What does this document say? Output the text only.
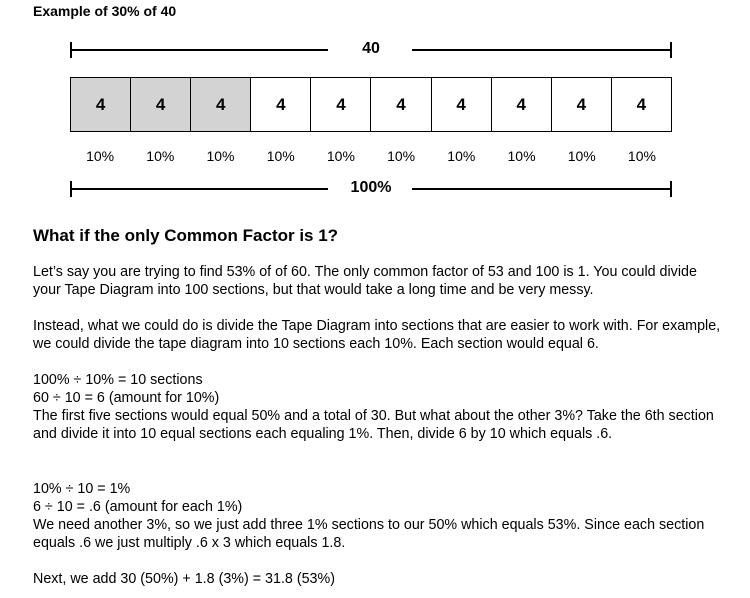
Example of 30% of 40
40
4	4	4	4	4	4	4	4	4	4
10%	10%	10%	10%	10%	10%	10%	10%	10%	10%
100%
What if the only Common Factor is 1?

Let’s say you are trying to find 53% of of 60. The only common factor of 53 and 100 is 1. You could divide your Tape Diagram into 100 sections, but that would take a long time and be very messy.

Instead, what we could do is divide the Tape Diagram into sections that are easier to work with. For example, we could divide the tape diagram into 10 sections each 10%. Each section would equal 6.

100% ÷ 10% = 10 sections
60 ÷ 10 = 6 (amount for 10%)
The first five sections would equal 50% and a total of 30. But what about the other 3%? Take the 6th section and divide it into 10 equal sections each equaling 1%. Then, divide 6 by 10 which equals .6.

10% ÷ 10 = 1%
6 ÷ 10 = .6 (amount for each 1%)
We need another 3%, so we just add three 1% sections to our 50% which equals 53%. Since each section equals .6 we just multiply .6 x 3 which equals 1.8.

Next, we add 30 (50%) + 1.8 (3%) = 31.8 (53%)
